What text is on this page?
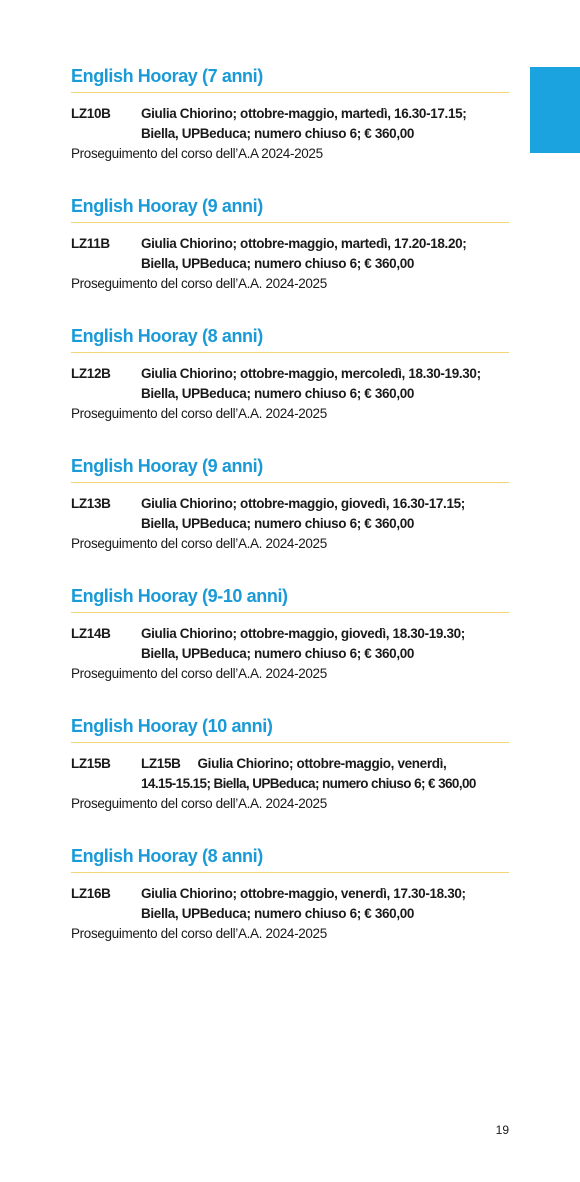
English Hooray (7 anni)
LZ10B	Giulia Chiorino; ottobre-maggio, martedì, 16.30-17.15;
Biella, UPBeduca; numero chiuso 6; € 360,00
Proseguimento del corso dell’A.A 2024-2025
English Hooray (9 anni)
LZ11B	Giulia Chiorino; ottobre-maggio, martedì, 17.20-18.20;
Biella, UPBeduca; numero chiuso 6; € 360,00
Proseguimento del corso dell’A.A. 2024-2025
English Hooray (8 anni)
LZ12B	Giulia Chiorino; ottobre-maggio, mercoledì, 18.30-19.30;
Biella, UPBeduca; numero chiuso 6; € 360,00
Proseguimento del corso dell’A.A. 2024-2025
English Hooray (9 anni)
LZ13B	Giulia Chiorino; ottobre-maggio, giovedì, 16.30-17.15;
Biella, UPBeduca; numero chiuso 6; € 360,00
Proseguimento del corso dell’A.A. 2024-2025
English Hooray (9-10 anni)
LZ14B	Giulia Chiorino; ottobre-maggio, giovedì, 18.30-19.30;
Biella, UPBeduca; numero chiuso 6; € 360,00
Proseguimento del corso dell’A.A. 2024-2025
English Hooray (10 anni)
LZ15B	LZ15B     Giulia Chiorino; ottobre-maggio, venerdì,
14.15-15.15; Biella, UPBeduca; numero chiuso 6; € 360,00
Proseguimento del corso dell’A.A. 2024-2025
English Hooray (8 anni)
LZ16B	Giulia Chiorino; ottobre-maggio, venerdì, 17.30-18.30;
Biella, UPBeduca; numero chiuso 6; € 360,00
Proseguimento del corso dell’A.A. 2024-2025
19
